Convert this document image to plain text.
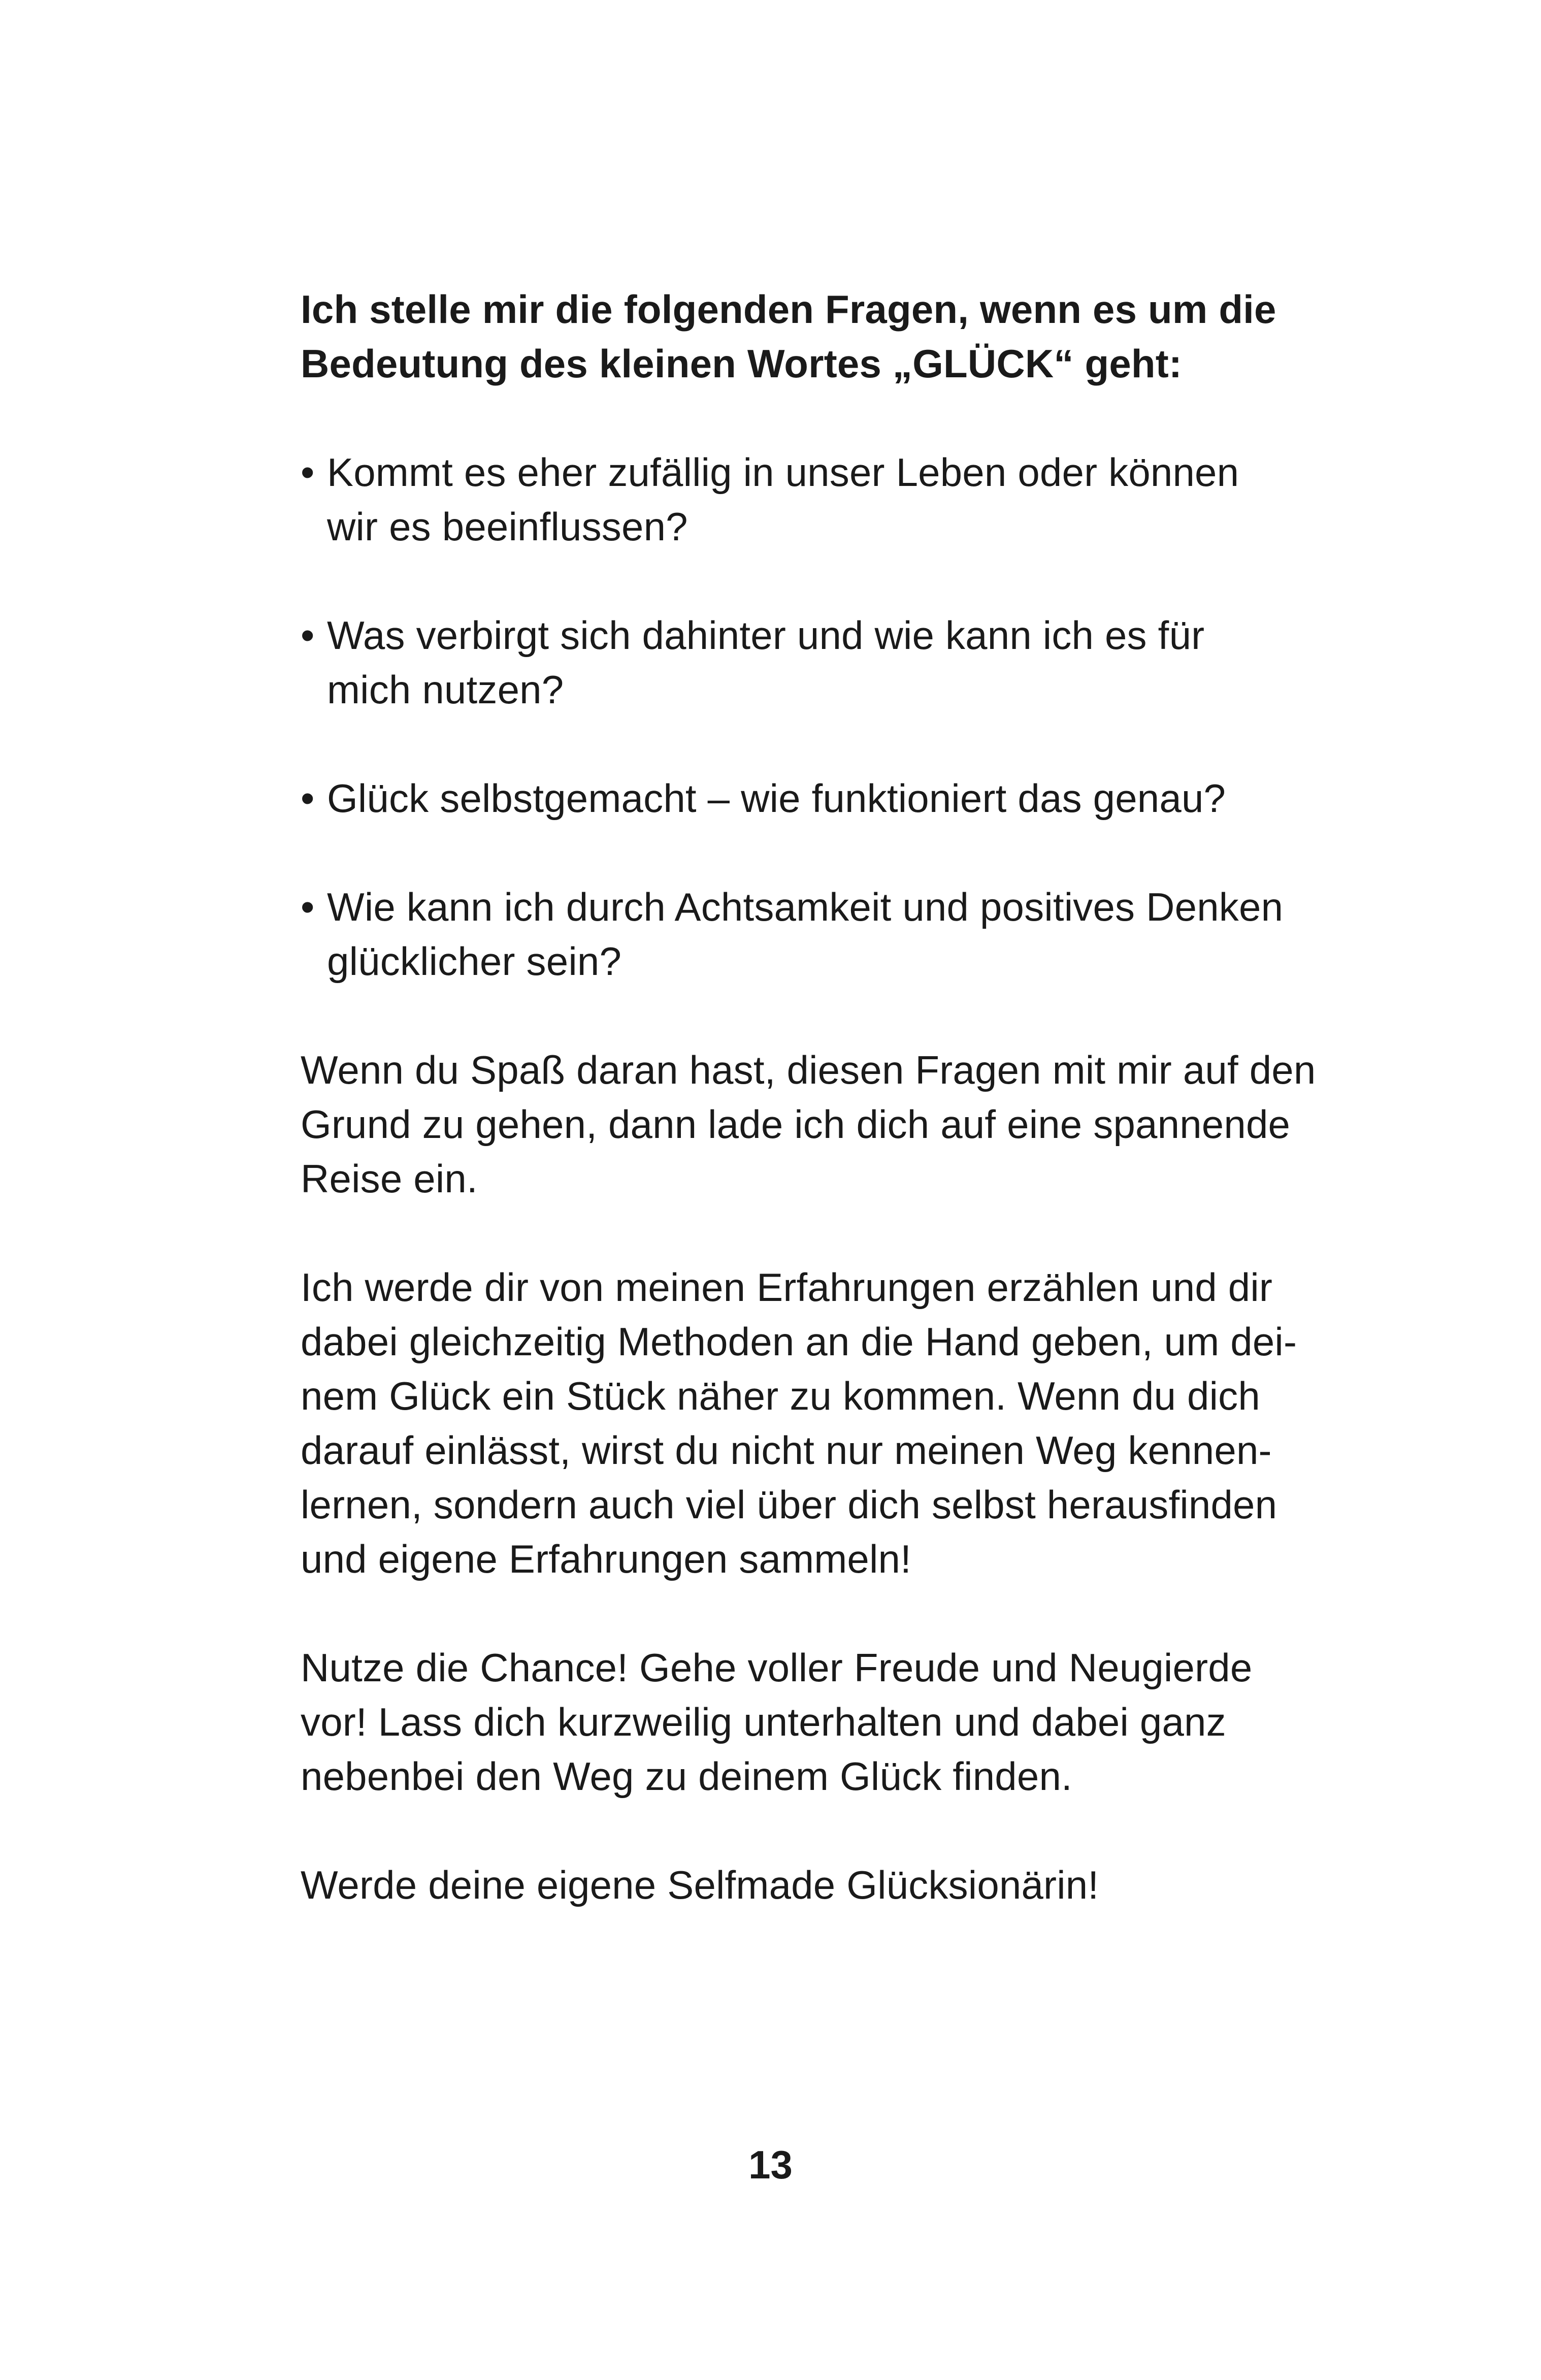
Ich stelle mir die folgenden Fragen, wenn es um die
Bedeutung des kleinen Wortes „GLÜCK“ geht:

• Kommt es eher zufällig in unser Leben oder können
wir es beeinflussen?
• Was verbirgt sich dahinter und wie kann ich es für
mich nutzen?
• Glück selbstgemacht – wie funktioniert das genau?
• Wie kann ich durch Achtsamkeit und positives Denken
glücklicher sein?

Wenn du Spaß daran hast, diesen Fragen mit mir auf den
Grund zu gehen, dann lade ich dich auf eine spannende
Reise ein.

Ich werde dir von meinen Erfahrungen erzählen und dir
dabei gleichzeitig Methoden an die Hand geben, um dei-
nem Glück ein Stück näher zu kommen. Wenn du dich
darauf einlässt, wirst du nicht nur meinen Weg kennen-
lernen, sondern auch viel über dich selbst herausfinden
und eigene Erfahrungen sammeln!

Nutze die Chance! Gehe voller Freude und Neugierde
vor! Lass dich kurzweilig unterhalten und dabei ganz
nebenbei den Weg zu deinem Glück finden.

Werde deine eigene Selfmade Glücksionärin!

13
